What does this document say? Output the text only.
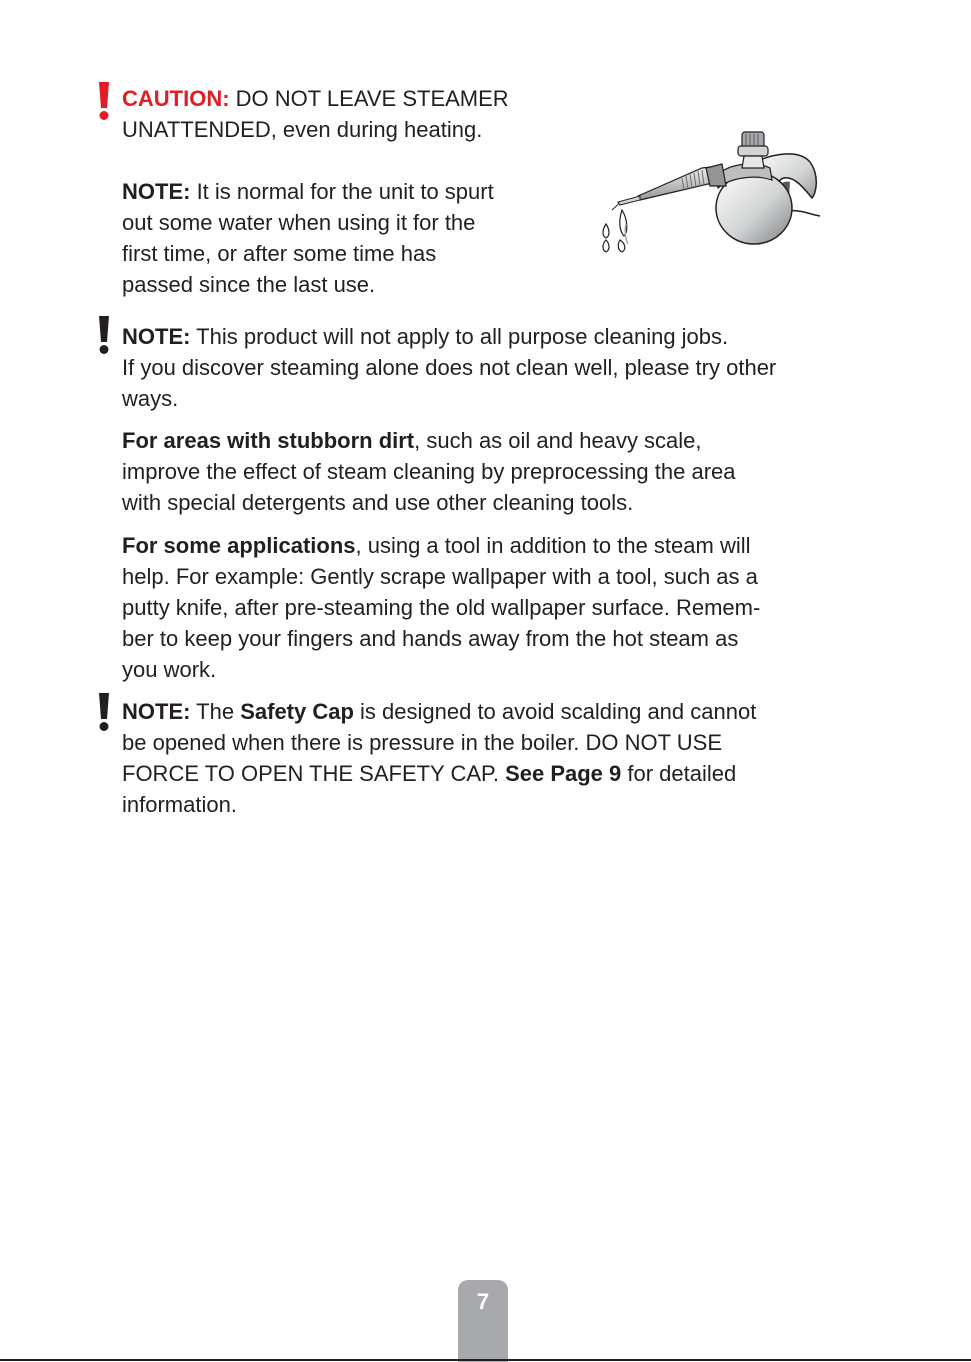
CAUTION: DO NOT LEAVE STEAMER

UNATTENDED, even during heating.

NOTE: It is normal for the unit to spurt

out some water when using it for the

first time, or after some time has

passed since the last use.

NOTE: This product will not apply to all purpose cleaning jobs.

If you discover steaming alone does not clean well, please try other

ways.

For areas with stubborn dirt, such as oil and heavy scale,

improve the effect of steam cleaning by preprocessing the area

with special detergents and use other cleaning tools.

For some applications, using a tool in addition to the steam will

help. For example: Gently scrape wallpaper with a tool, such as a

putty knife, after pre-steaming the old wallpaper surface. Remem-

ber to keep your fingers and hands away from the hot steam as

you work.

NOTE: The Safety Cap is designed to avoid scalding and cannot

be opened when there is pressure in the boiler. DO NOT USE

FORCE TO OPEN THE SAFETY CAP. See Page 9 for detailed

information.

7
